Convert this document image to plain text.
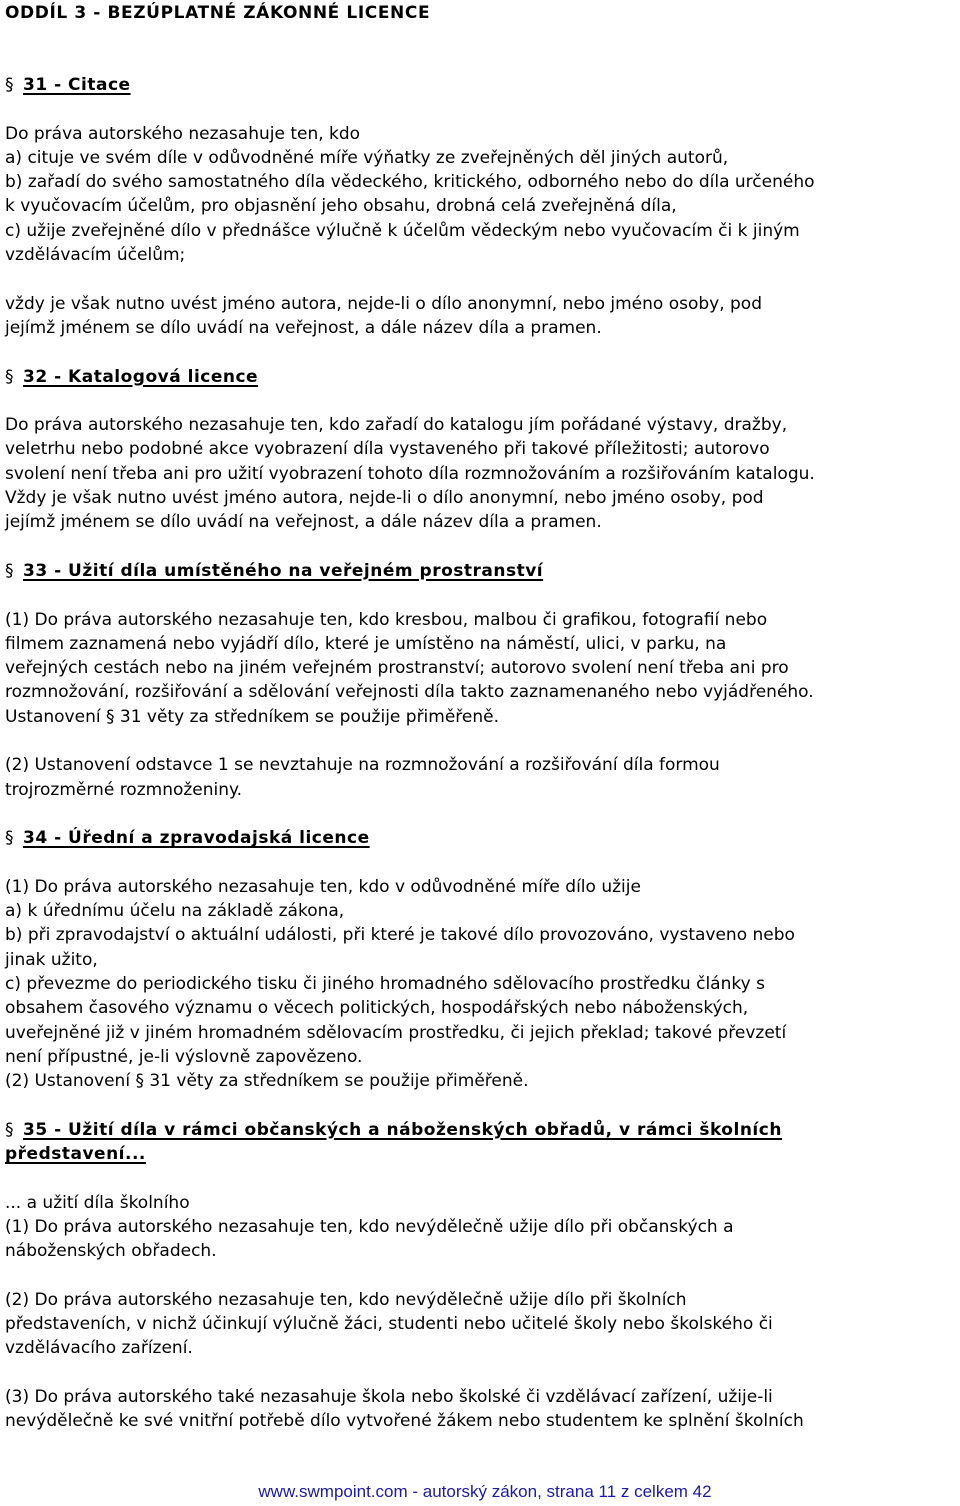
ODDÍL 3 - BEZÚPLATNÉ ZÁKONNÉ LICENCE
§ 31 - Citace
Do práva autorského nezasahuje ten, kdo
a) cituje ve svém díle v odůvodněné míře výňatky ze zveřejněných děl jiných autorů,
b) zařadí do svého samostatného díla vědeckého, kritického, odborného nebo do díla určeného
k vyučovacím účelům, pro objasnění jeho obsahu, drobná celá zveřejněná díla,
c) užije zveřejněné dílo v přednášce výlučně k účelům vědeckým nebo vyučovacím či k jiným
vzdělávacím účelům;
vždy je však nutno uvést jméno autora, nejde-li o dílo anonymní, nebo jméno osoby, pod
jejímž jménem se dílo uvádí na veřejnost, a dále název díla a pramen.
§ 32 - Katalogová licence
Do práva autorského nezasahuje ten, kdo zařadí do katalogu jím pořádané výstavy, dražby,
veletrhu nebo podobné akce vyobrazení díla vystaveného při takové příležitosti; autorovo
svolení není třeba ani pro užití vyobrazení tohoto díla rozmnožováním a rozšiřováním katalogu.
Vždy je však nutno uvést jméno autora, nejde-li o dílo anonymní, nebo jméno osoby, pod
jejímž jménem se dílo uvádí na veřejnost, a dále název díla a pramen.
§ 33 - Užití díla umístěného na veřejném prostranství
(1) Do práva autorského nezasahuje ten, kdo kresbou, malbou či grafikou, fotografií nebo
filmem zaznamená nebo vyjádří dílo, které je umístěno na náměstí, ulici, v parku, na
veřejných cestách nebo na jiném veřejném prostranství; autorovo svolení není třeba ani pro
rozmnožování, rozšiřování a sdělování veřejnosti díla takto zaznamenaného nebo vyjádřeného.
Ustanovení § 31 věty za středníkem se použije přiměřeně.
(2) Ustanovení odstavce 1 se nevztahuje na rozmnožování a rozšiřování díla formou
trojrozměrné rozmnoženiny.
§ 34 - Úřední a zpravodajská licence
(1) Do práva autorského nezasahuje ten, kdo v odůvodněné míře dílo užije
a) k úřednímu účelu na základě zákona,
b) při zpravodajství o aktuální události, při které je takové dílo provozováno, vystaveno nebo
jinak užito,
c) převezme do periodického tisku či jiného hromadného sdělovacího prostředku články s
obsahem časového významu o věcech politických, hospodářských nebo náboženských,
uveřejněné již v jiném hromadném sdělovacím prostředku, či jejich překlad; takové převzetí
není přípustné, je-li výslovně zapovězeno.
(2) Ustanovení § 31 věty za středníkem se použije přiměřeně.
§ 35 - Užití díla v rámci občanských a náboženských obřadů, v rámci školních
představení...
... a užití díla školního
(1) Do práva autorského nezasahuje ten, kdo nevýdělečně užije dílo při občanských a
náboženských obřadech.
(2) Do práva autorského nezasahuje ten, kdo nevýdělečně užije dílo při školních
představeních, v nichž účinkují výlučně žáci, studenti nebo učitelé školy nebo školského či
vzdělávacího zařízení.
(3) Do práva autorského také nezasahuje škola nebo školské či vzdělávací zařízení, užije-li
nevýdělečně ke své vnitřní potřebě dílo vytvořené žákem nebo studentem ke splnění školních
www.swmpoint.com - autorský zákon, strana 11 z celkem 42
